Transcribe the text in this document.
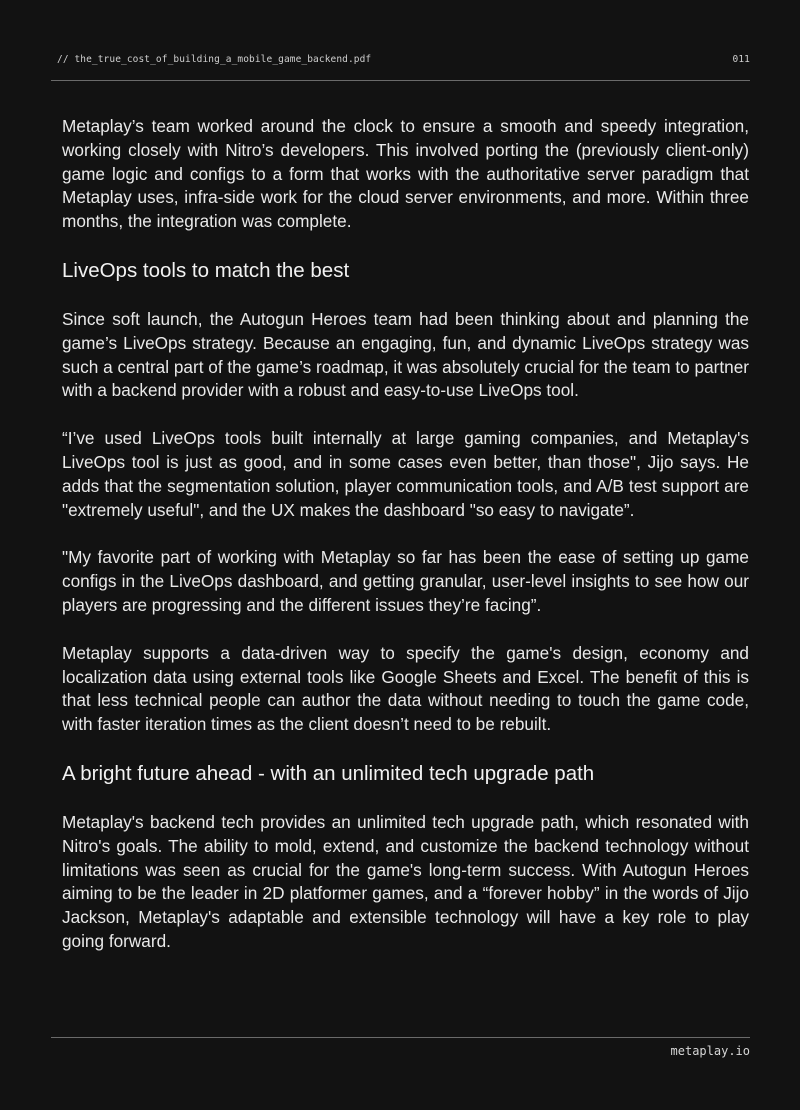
// the_true_cost_of_building_a_mobile_game_backend.pdf	011

Metaplay’s team worked around the clock to ensure a smooth and speedy integration, working closely with Nitro’s developers. This involved porting the (previously client-only) game logic and configs to a form that works with the authoritative server paradigm that Metaplay uses, infra-side work for the cloud server environments, and more. Within three months, the integration was complete.

LiveOps tools to match the best

Since soft launch, the Autogun Heroes team had been thinking about and planning the game’s LiveOps strategy. Because an engaging, fun, and dynamic LiveOps strategy was such a central part of the game’s roadmap, it was absolutely crucial for the team to partner with a backend provider with a robust and easy-to-use LiveOps tool.

“I’ve used LiveOps tools built internally at large gaming companies, and Metaplay's LiveOps tool is just as good, and in some cases even better, than those", Jijo says. He adds that the segmentation solution, player communication tools, and A/B test support are "extremely useful", and the UX makes the dashboard "so easy to navigate”.

"My favorite part of working with Metaplay so far has been the ease of setting up game configs in the LiveOps dashboard, and getting granular, user-level insights to see how our players are progressing and the different issues they’re facing”.

Metaplay supports a data-driven way to specify the game's design, economy and localization data using external tools like Google Sheets and Excel. The benefit of this is that less technical people can author the data without needing to touch the game code, with faster iteration times as the client doesn’t need to be rebuilt.

A bright future ahead - with an unlimited tech upgrade path

Metaplay's backend tech provides an unlimited tech upgrade path, which resonated with Nitro's goals. The ability to mold, extend, and customize the backend technology without limitations was seen as crucial for the game's long-term success. With Autogun Heroes aiming to be the leader in 2D platformer games, and a “forever hobby” in the words of Jijo Jackson, Metaplay's adaptable and extensible technology will have a key role to play going forward.

metaplay.io
